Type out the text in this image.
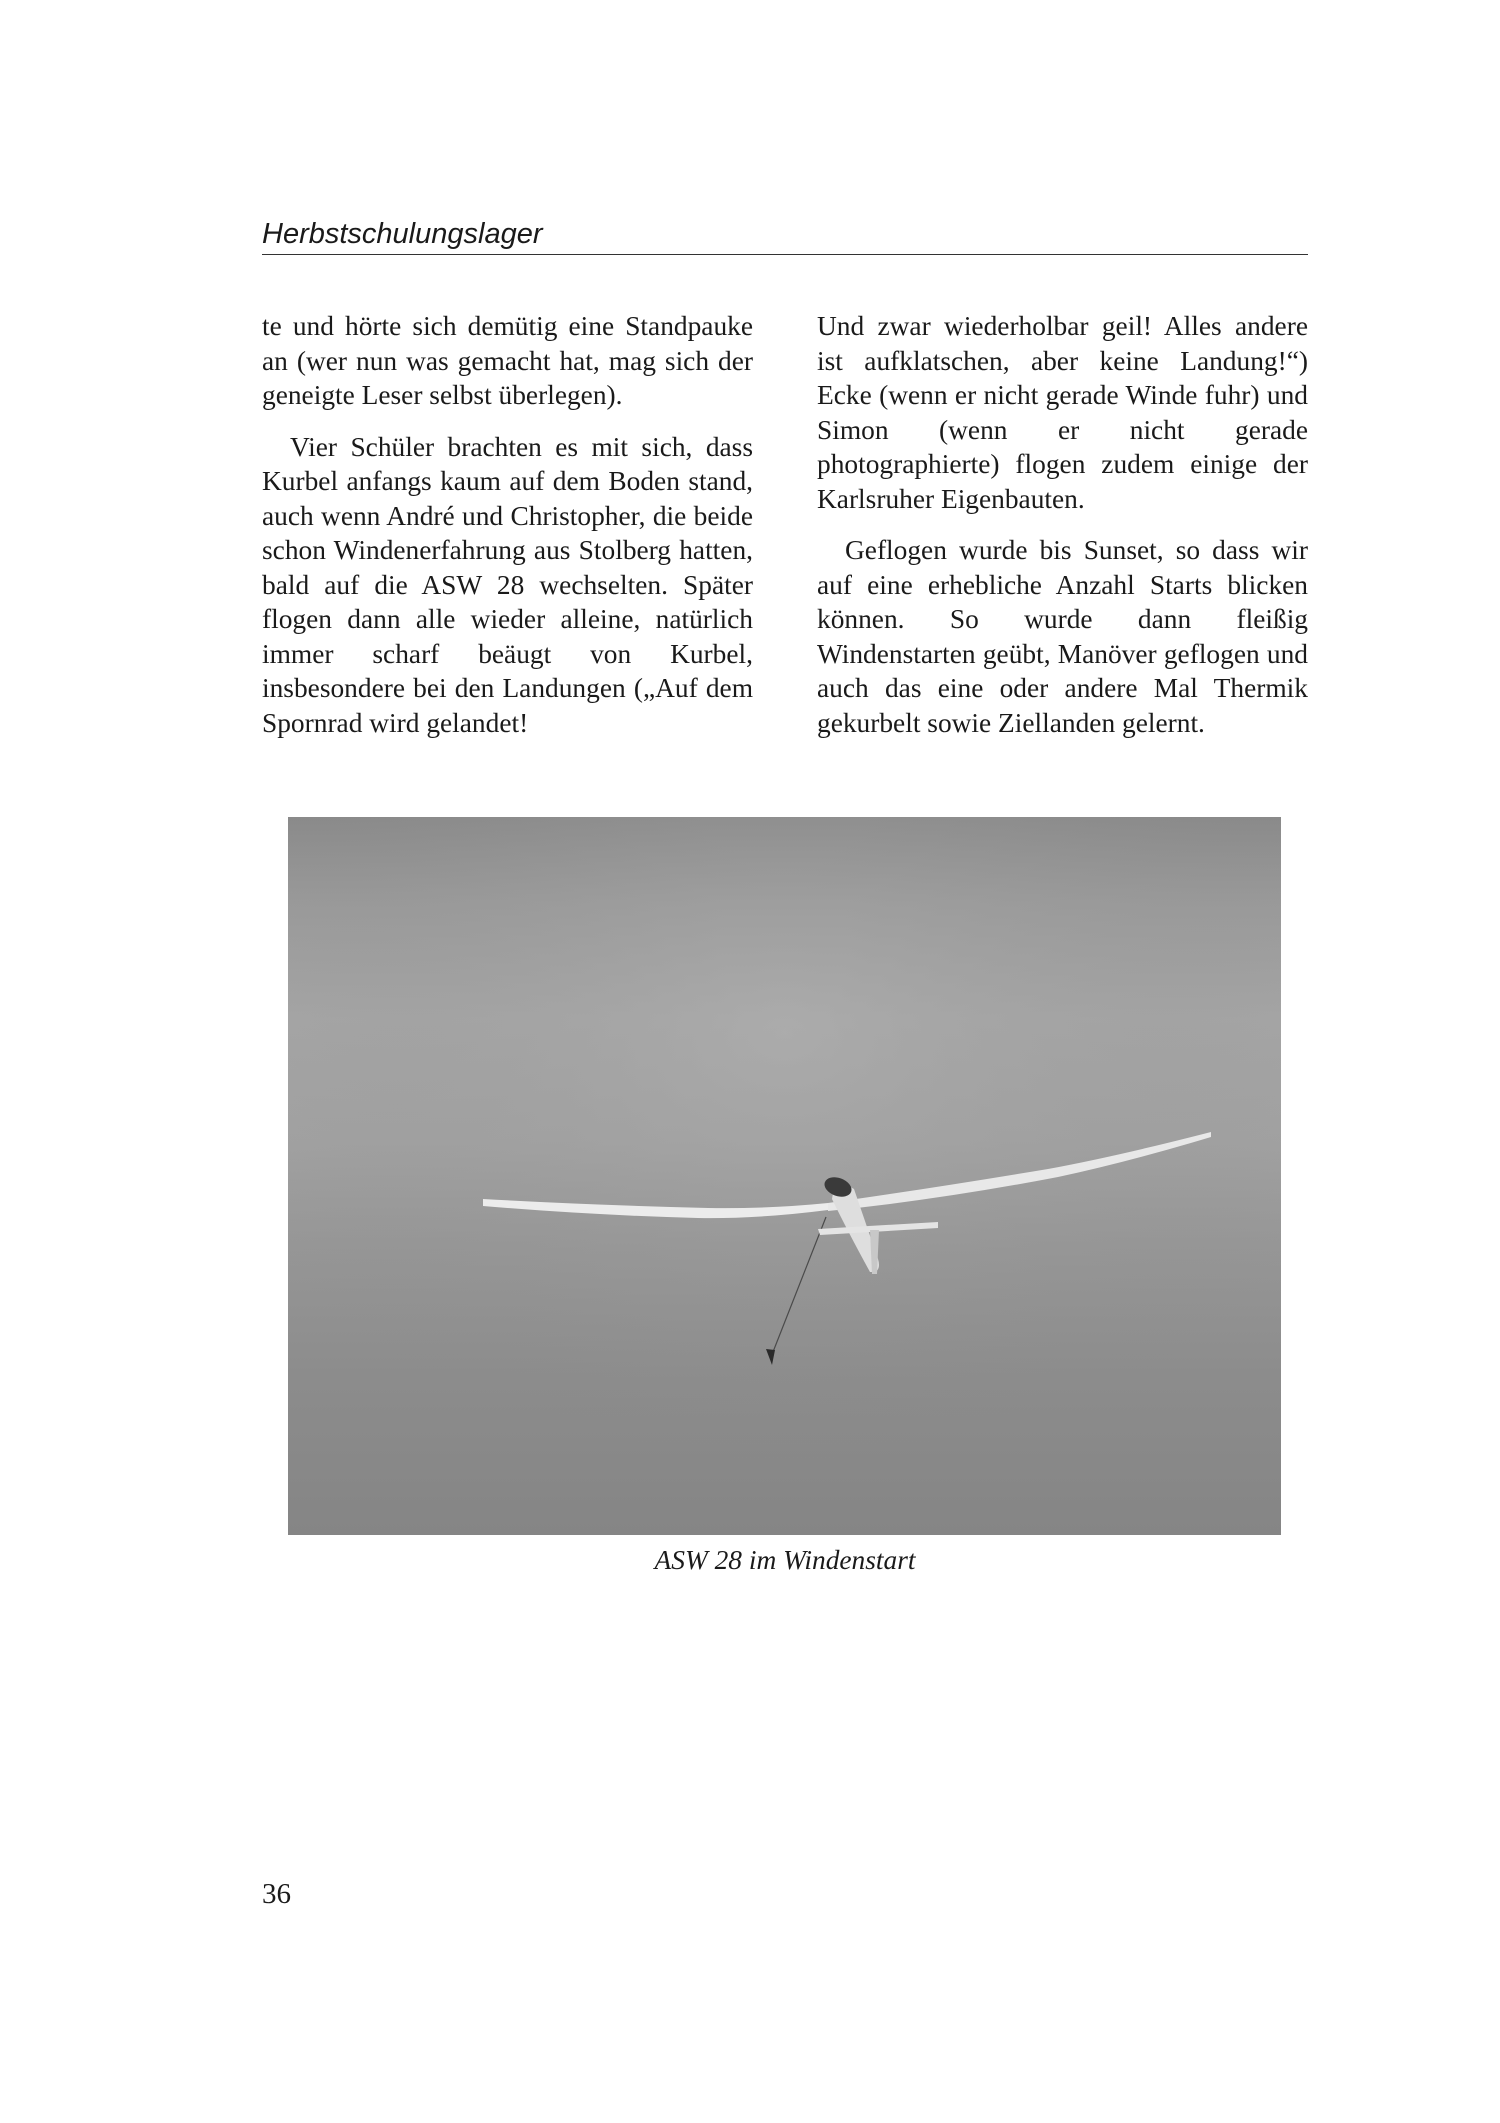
Herbstschulungslager

te und hörte sich demütig eine Standpauke an (wer nun was gemacht hat, mag sich der geneigte Leser selbst überlegen).

Vier Schüler brachten es mit sich, dass Kurbel anfangs kaum auf dem Boden stand, auch wenn André und Christopher, die beide schon Windenerfahrung aus Stolberg hatten, bald auf die ASW 28 wechselten. Später flogen dann alle wieder alleine, natürlich immer scharf beäugt von Kurbel, insbesondere bei den Landungen („Auf dem Spornrad wird gelandet!

Und zwar wiederholbar geil! Alles andere ist aufklatschen, aber keine Landung!“) Ecke (wenn er nicht gerade Winde fuhr) und Simon (wenn er nicht gerade photographierte) flogen zudem einige der Karlsruher Eigenbauten.

Geflogen wurde bis Sunset, so dass wir auf eine erhebliche Anzahl Starts blicken können. So wurde dann fleißig Windenstarten geübt, Manöver geflogen und auch das eine oder andere Mal Thermik gekurbelt sowie Ziellanden gelernt.

ASW 28 im Windenstart
36
